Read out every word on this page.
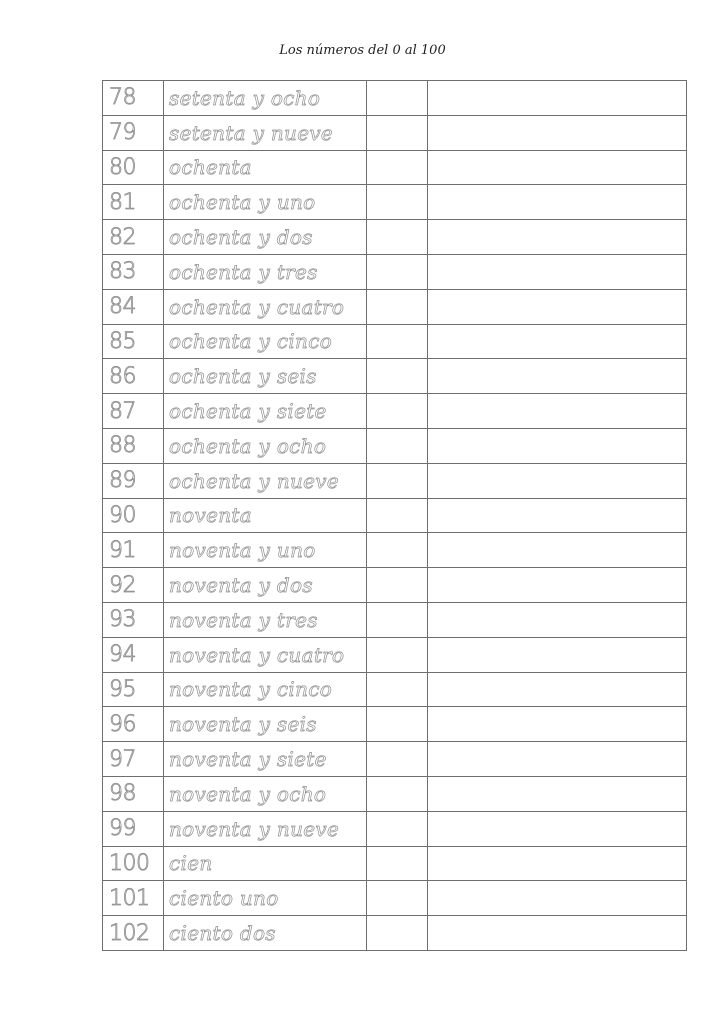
Los números del 0 al 100
78	setenta y ocho		
79	setenta y nueve		
80	ochenta		
81	ochenta y uno		
82	ochenta y dos		
83	ochenta y tres		
84	ochenta y cuatro		
85	ochenta y cinco		
86	ochenta y seis		
87	ochenta y siete		
88	ochenta y ocho		
89	ochenta y nueve		
90	noventa		
91	noventa y uno		
92	noventa y dos		
93	noventa y tres		
94	noventa y cuatro		
95	noventa y cinco		
96	noventa y seis		
97	noventa y siete		
98	noventa y ocho		
99	noventa y nueve		
100	cien		
101	ciento uno		
102	ciento dos		
